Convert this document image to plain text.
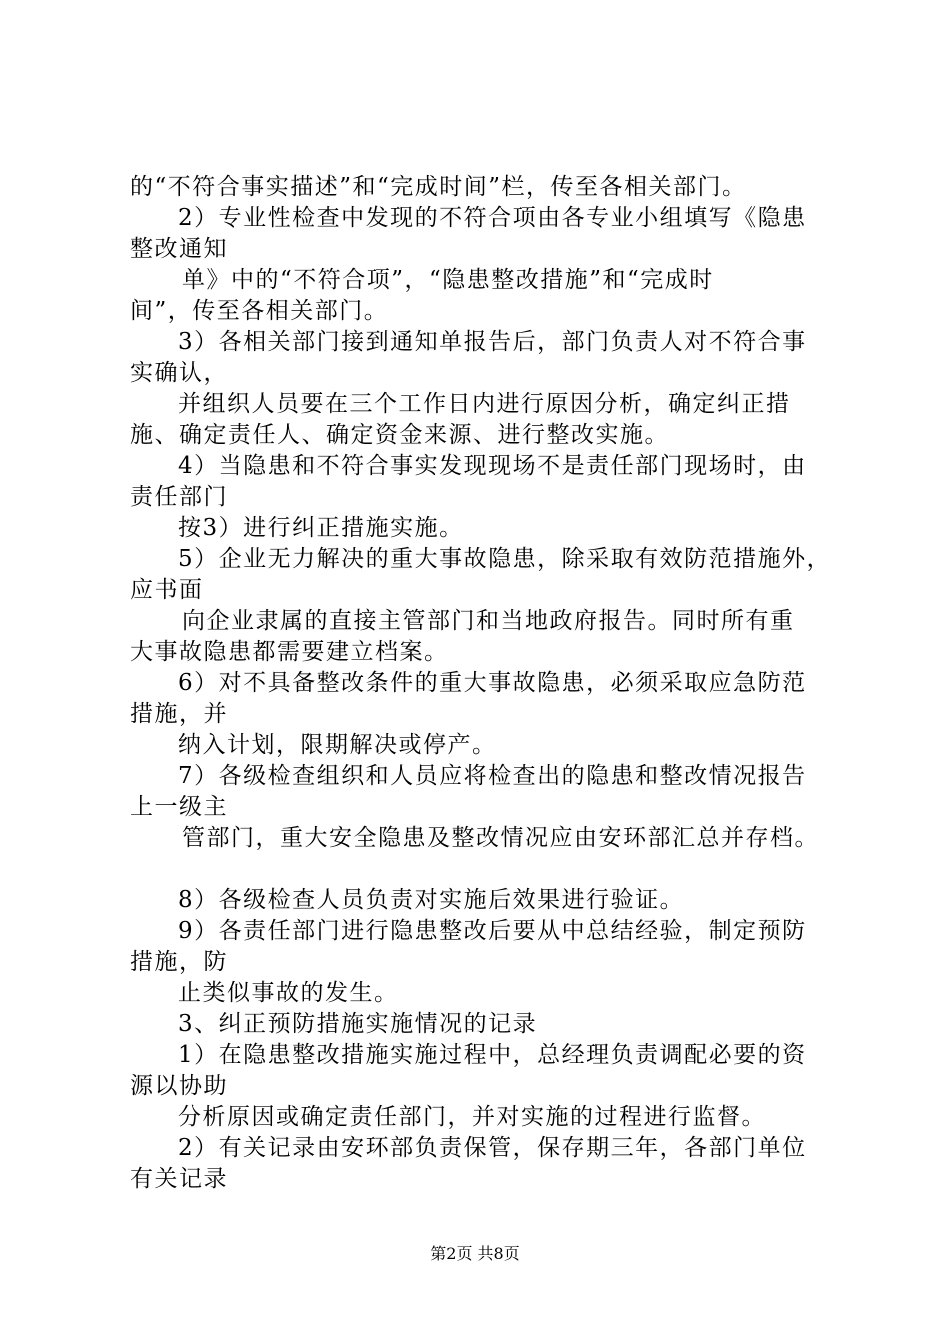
的“不符合事实描述”和“完成时间”栏，传至各相关部门。
2）专业性检查中发现的不符合项由各专业小组填写《隐患
整改通知
单》中的“不符合项”，“隐患整改措施”和“完成时
间”，传至各相关部门。
3）各相关部门接到通知单报告后，部门负责人对不符合事
实确认，
并组织人员要在三个工作日内进行原因分析，确定纠正措
施、确定责任人、确定资金来源、进行整改实施。
4）当隐患和不符合事实发现现场不是责任部门现场时，由
责任部门
按3）进行纠正措施实施。
5）企业无力解决的重大事故隐患，除采取有效防范措施外，
应书面
向企业隶属的直接主管部门和当地政府报告。同时所有重
大事故隐患都需要建立档案。
6）对不具备整改条件的重大事故隐患，必须采取应急防范
措施，并
纳入计划，限期解决或停产。
7）各级检查组织和人员应将检查出的隐患和整改情况报告
上一级主
管部门，重大安全隐患及整改情况应由安环部汇总并存档。
8）各级检查人员负责对实施后效果进行验证。
9）各责任部门进行隐患整改后要从中总结经验，制定预防
措施，防
止类似事故的发生。
3、纠正预防措施实施情况的记录
1）在隐患整改措施实施过程中，总经理负责调配必要的资
源以协助
分析原因或确定责任部门，并对实施的过程进行监督。
2）有关记录由安环部负责保管，保存期三年，各部门单位
有关记录
第2页 共8页
